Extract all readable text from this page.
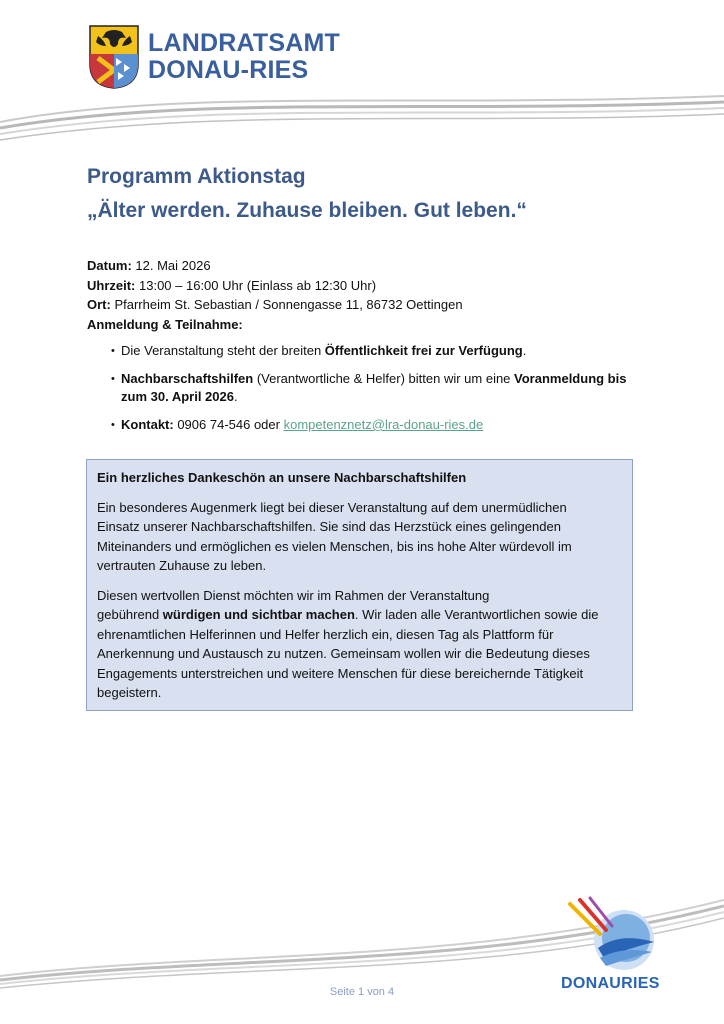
LANDRATSAMT
DONAU-RIES
Programm Aktionstag
„Älter werden. Zuhause bleiben. Gut leben.“
Datum: 12. Mai 2026
Uhrzeit: 13:00 – 16:00 Uhr (Einlass ab 12:30 Uhr)
Ort: Pfarrheim St. Sebastian / Sonnengasse 11, 86732 Oettingen
Anmeldung & Teilnahme:
• Die Veranstaltung steht der breiten Öffentlichkeit frei zur Verfügung.
• Nachbarschaftshilfen (Verantwortliche & Helfer) bitten wir um eine Voranmeldung bis
zum 30. April 2026.
• Kontakt: 0906 74-546 oder kompetenznetz@lra-donau-ries.de
Ein herzliches Dankeschön an unsere Nachbarschaftshilfen

Ein besonderes Augenmerk liegt bei dieser Veranstaltung auf dem unermüdlichen
Einsatz unserer Nachbarschaftshilfen. Sie sind das Herzstück eines gelingenden
Miteinanders und ermöglichen es vielen Menschen, bis ins hohe Alter würdevoll im
vertrauten Zuhause zu leben.

Diesen wertvollen Dienst möchten wir im Rahmen der Veranstaltung
gebührend würdigen und sichtbar machen. Wir laden alle Verantwortlichen sowie die
ehrenamtlichen Helferinnen und Helfer herzlich ein, diesen Tag als Plattform für
Anerkennung und Austausch zu nutzen. Gemeinsam wollen wir die Bedeutung dieses
Engagements unterstreichen und weitere Menschen für diese bereichernde Tätigkeit
begeistern.

DONAURIES
Seite 1 von 4
